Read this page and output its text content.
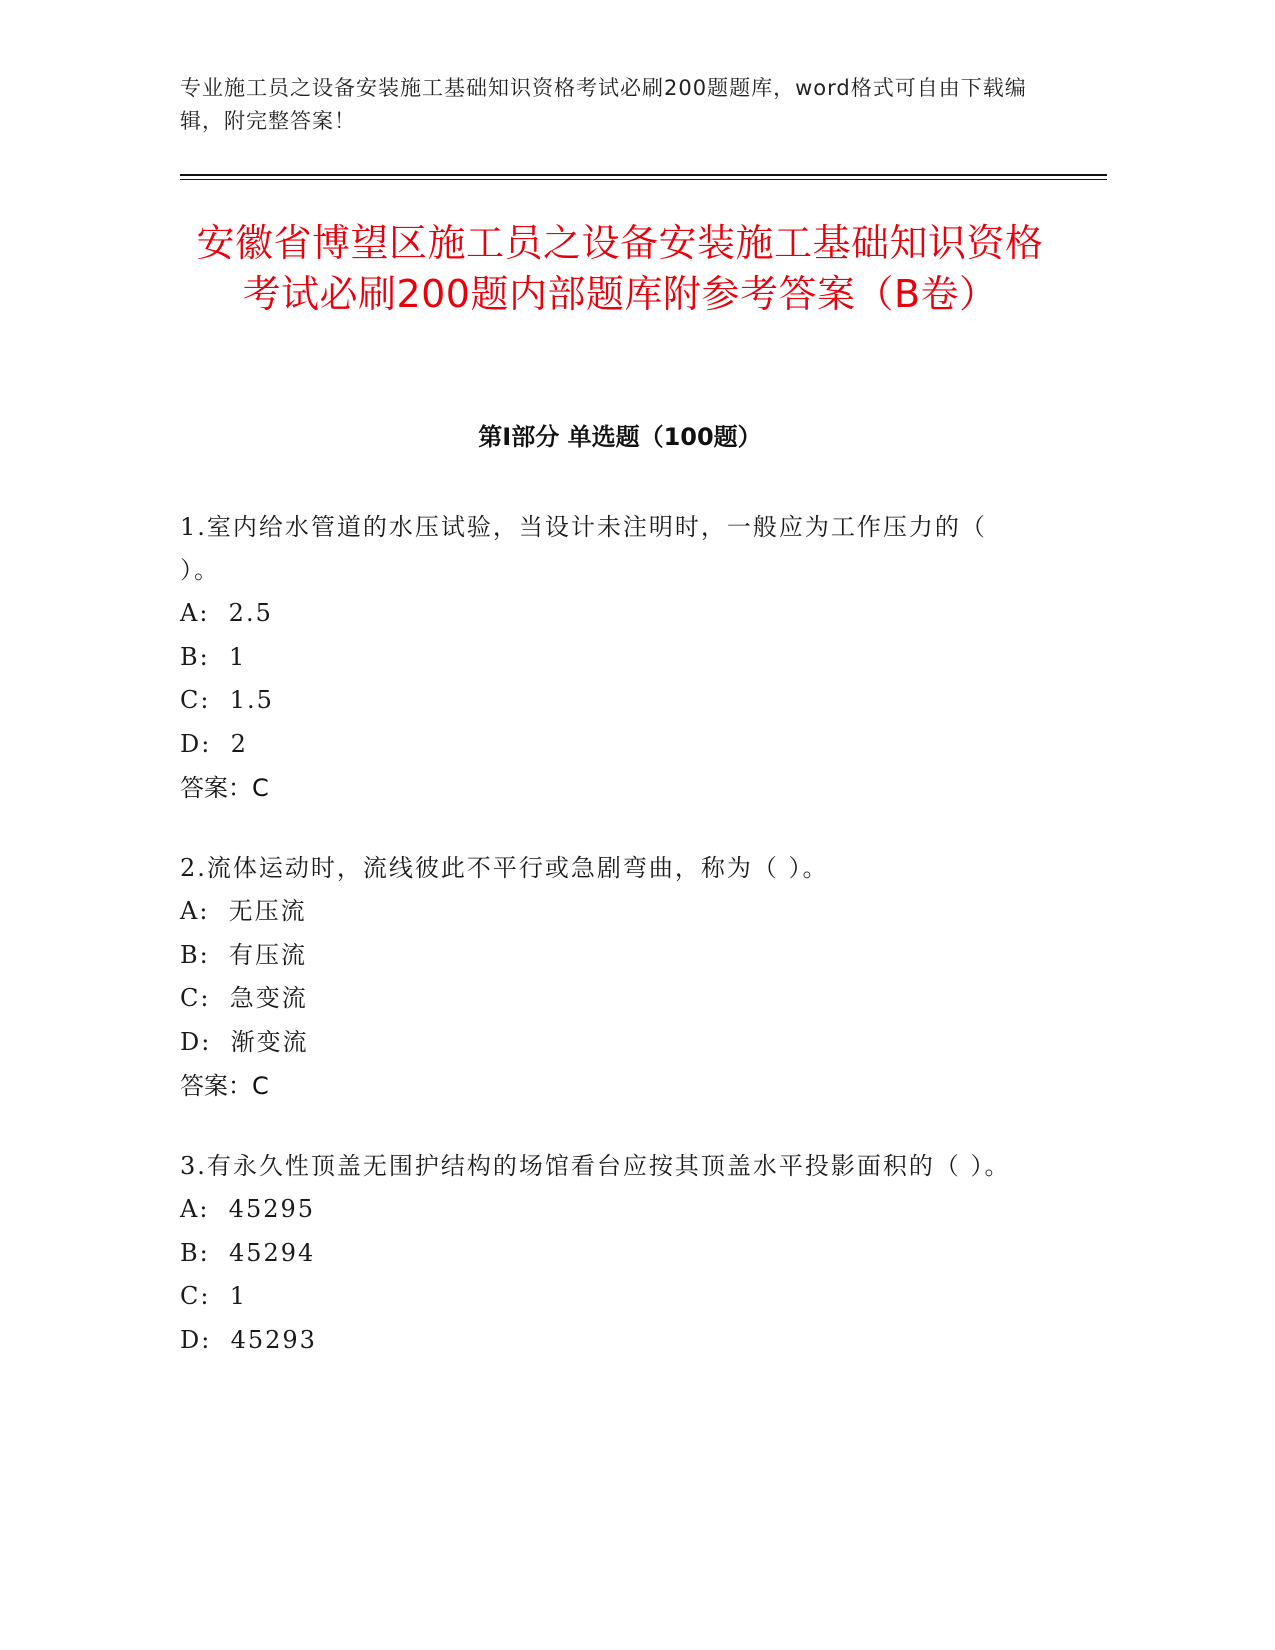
专业施工员之设备安装施工基础知识资格考试必刷200题题库，word格式可自由下载编辑，附完整答案！
安徽省博望区施工员之设备安装施工基础知识资格考试必刷200题内部题库附参考答案（B卷）
第Ⅰ部分 单选题（100题）
1.室内给水管道的水压试验，当设计未注明时，一般应为工作压力的（ ）。
A:  2.5
B:  1
C:  1.5
D:  2
答案：C
2.流体运动时，流线彼此不平行或急剧弯曲，称为（ ）。
A:  无压流
B:  有压流
C:  急变流
D:  渐变流
答案：C
3.有永久性顶盖无围护结构的场馆看台应按其顶盖水平投影面积的（ ）。
A:  45295
B:  45294
C:  1
D:  45293
